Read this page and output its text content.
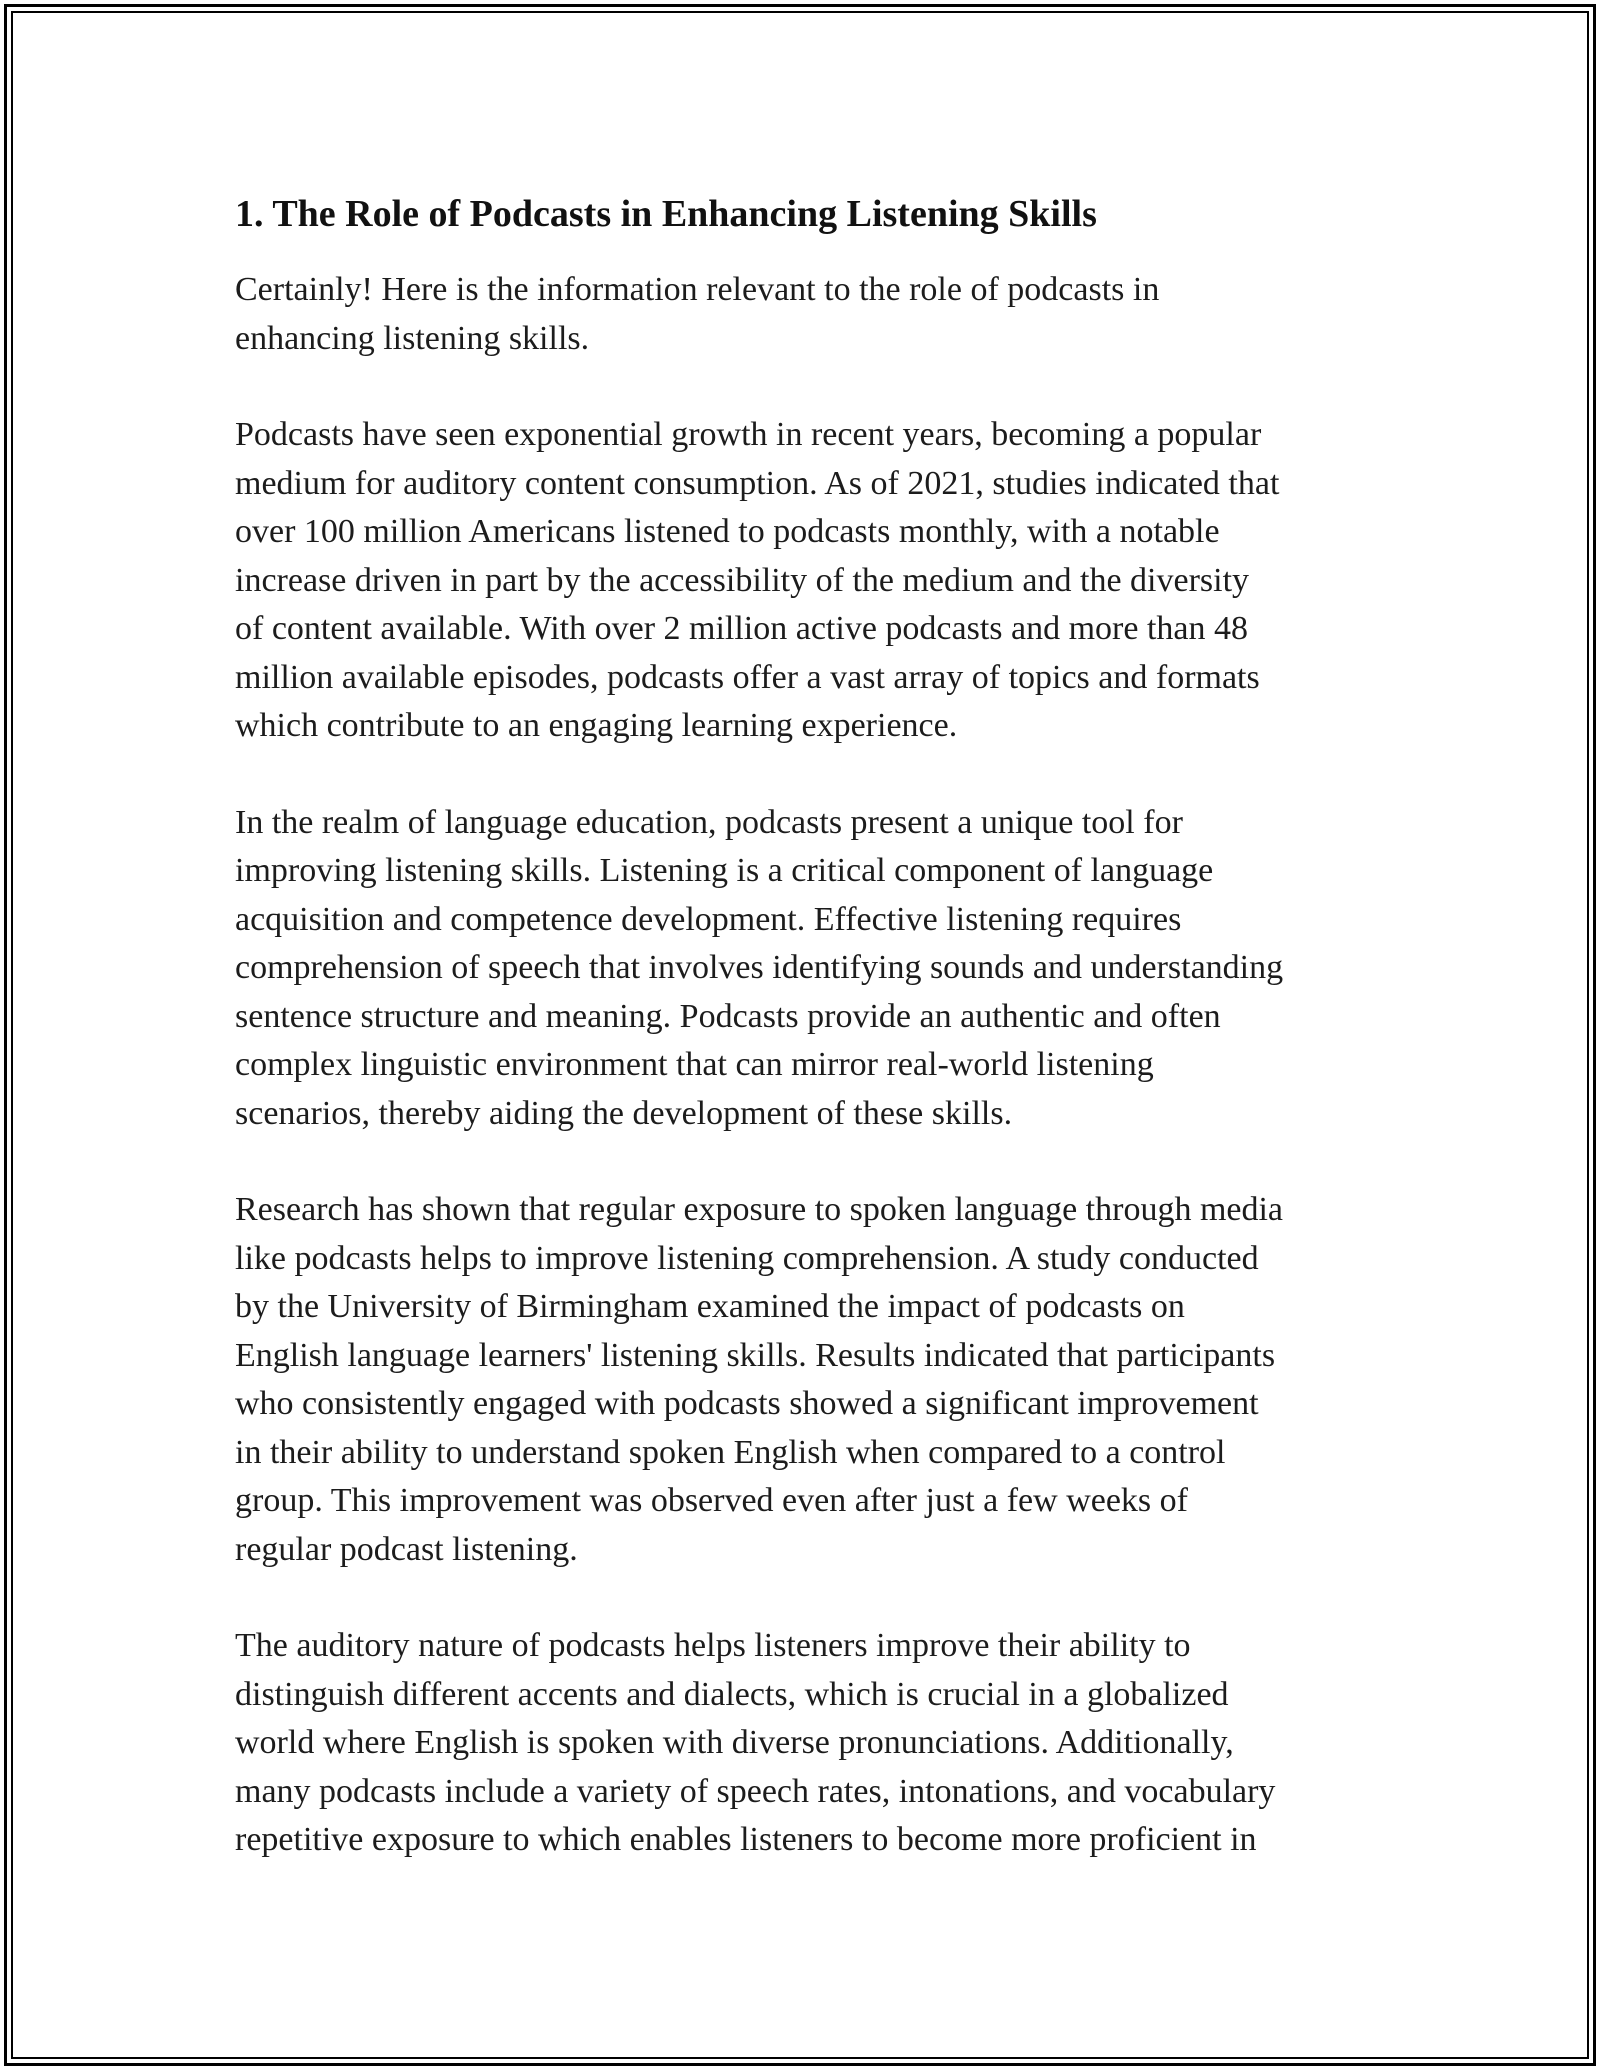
1. The Role of Podcasts in Enhancing Listening Skills

Certainly! Here is the information relevant to the role of podcasts in
enhancing listening skills.

Podcasts have seen exponential growth in recent years, becoming a popular
medium for auditory content consumption. As of 2021, studies indicated that
over 100 million Americans listened to podcasts monthly, with a notable
increase driven in part by the accessibility of the medium and the diversity
of content available. With over 2 million active podcasts and more than 48
million available episodes, podcasts offer a vast array of topics and formats
which contribute to an engaging learning experience.

In the realm of language education, podcasts present a unique tool for
improving listening skills. Listening is a critical component of language
acquisition and competence development. Effective listening requires
comprehension of speech that involves identifying sounds and understanding
sentence structure and meaning. Podcasts provide an authentic and often
complex linguistic environment that can mirror real-world listening
scenarios, thereby aiding the development of these skills.

Research has shown that regular exposure to spoken language through media
like podcasts helps to improve listening comprehension. A study conducted
by the University of Birmingham examined the impact of podcasts on
English language learners' listening skills. Results indicated that participants
who consistently engaged with podcasts showed a significant improvement
in their ability to understand spoken English when compared to a control
group. This improvement was observed even after just a few weeks of
regular podcast listening.

The auditory nature of podcasts helps listeners improve their ability to
distinguish different accents and dialects, which is crucial in a globalized
world where English is spoken with diverse pronunciations. Additionally,
many podcasts include a variety of speech rates, intonations, and vocabulary
repetitive exposure to which enables listeners to become more proficient in
